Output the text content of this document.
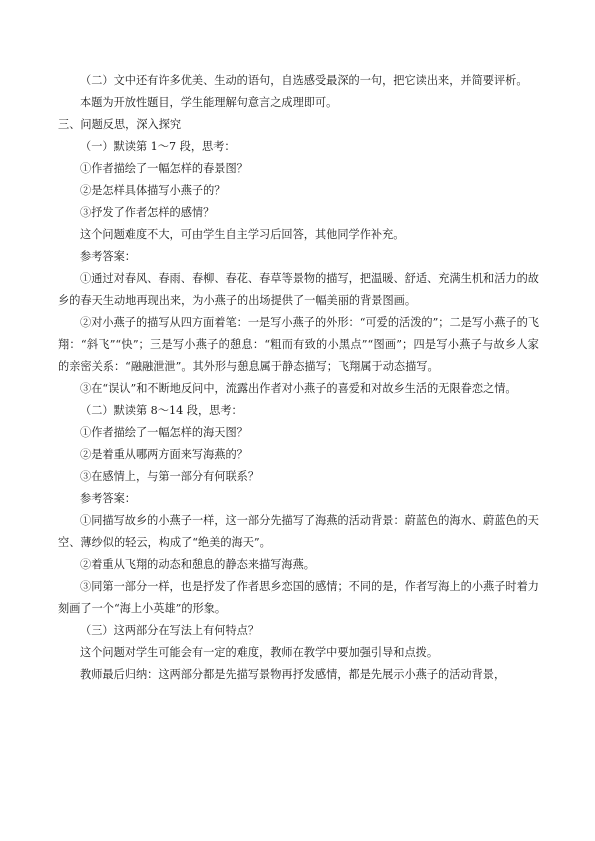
（二）文中还有许多优美、生动的语句，自选感受最深的一句，把它读出来，并简要评析。

本题为开放性题目，学生能理解句意言之成理即可。

三、问题反思，深入探究

（一）默读第 1～7 段，思考：

①作者描绘了一幅怎样的春景图？

②是怎样具体描写小燕子的？

③抒发了作者怎样的感情？

这个问题难度不大，可由学生自主学习后回答，其他同学作补充。

参考答案：

①通过对春风、春雨、春柳、春花、春草等景物的描写，把温暖、舒适、充满生机和活力的故乡的春天生动地再现出来，为小燕子的出场提供了一幅美丽的背景图画。

②对小燕子的描写从四方面着笔：一是写小燕子的外形：“可爱的活泼的”；二是写小燕子的飞翔：“斜飞”“快”；三是写小燕子的憩息：“粗而有致的小黑点”“图画”；四是写小燕子与故乡人家的亲密关系：“融融泄泄”。其外形与憩息属于静态描写；飞翔属于动态描写。

③在“误认”和不断地反问中，流露出作者对小燕子的喜爱和对故乡生活的无限眷恋之情。

（二）默读第 8～14 段，思考：

①作者描绘了一幅怎样的海天图？

②是着重从哪两方面来写海燕的？

③在感情上，与第一部分有何联系？

参考答案：

①同描写故乡的小燕子一样，这一部分先描写了海燕的活动背景：蔚蓝色的海水、蔚蓝色的天空、薄纱似的轻云，构成了“绝美的海天”。

②着重从飞翔的动态和憩息的静态来描写海燕。

③同第一部分一样，也是抒发了作者思乡恋国的感情；不同的是，作者写海上的小燕子时着力刻画了一个“海上小英雄”的形象。

（三）这两部分在写法上有何特点？

这个问题对学生可能会有一定的难度，教师在教学中要加强引导和点拨。

教师最后归纳：这两部分都是先描写景物再抒发感情，都是先展示小燕子的活动背景，
